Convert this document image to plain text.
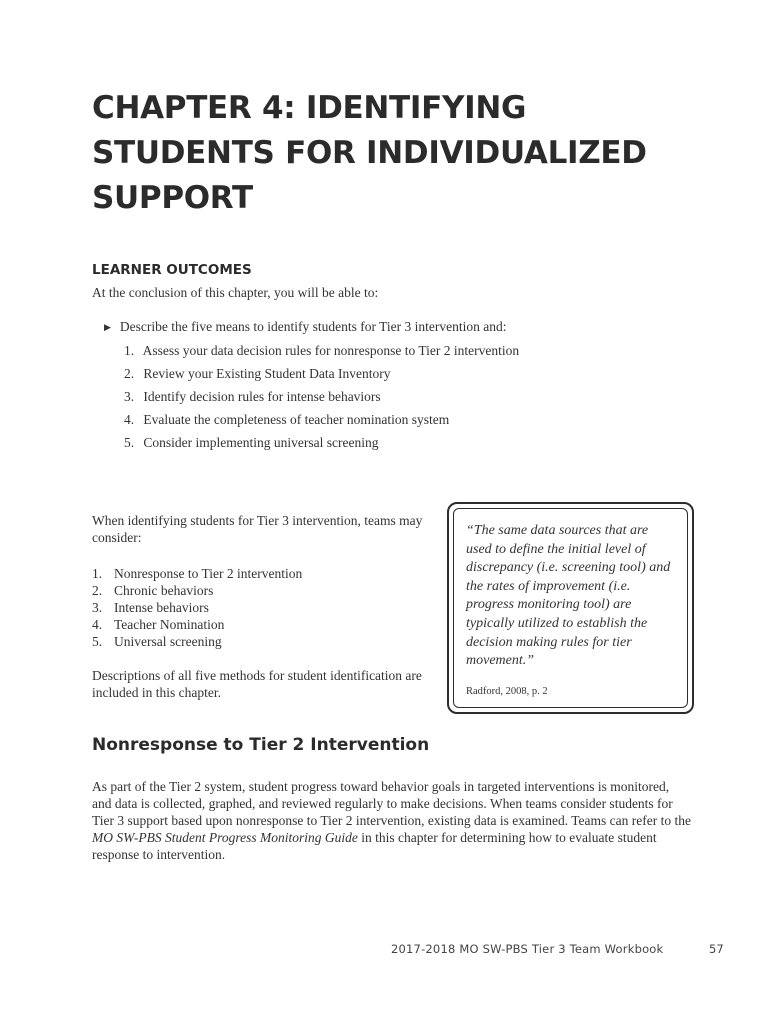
CHAPTER 4: IDENTIFYING
STUDENTS FOR INDIVIDUALIZED
SUPPORT
LEARNER OUTCOMES

At the conclusion of this chapter, you will be able to:

▶ Describe the five means to identify students for Tier 3 intervention and:

1. Assess your data decision rules for nonresponse to Tier 2 intervention
2. Review your Existing Student Data Inventory
3. Identify decision rules for intense behaviors
4. Evaluate the completeness of teacher nomination system
5. Consider implementing universal screening

When identifying students for Tier 3 intervention, teams may consider:

1. Nonresponse to Tier 2 intervention
2. Chronic behaviors
3. Intense behaviors
4. Teacher Nomination
5. Universal screening

Descriptions of all five methods for student identification are included in this chapter.

“The same data sources that are used to define the initial level of discrepancy (i.e. screening tool) and the rates of improvement (i.e. progress monitoring tool) are typically utilized to establish the decision making rules for tier movement.”

Radford, 2008, p. 2

Nonresponse to Tier 2 Intervention

As part of the Tier 2 system, student progress toward behavior goals in targeted interventions is monitored, and data is collected, graphed, and reviewed regularly to make decisions. When teams consider students for Tier 3 support based upon nonresponse to Tier 2 intervention, existing data is examined. Teams can refer to the MO SW-PBS Student Progress Monitoring Guide in this chapter for determining how to evaluate student response to intervention.

2017-2018 MO SW-PBS Tier 3 Team Workbook	57
